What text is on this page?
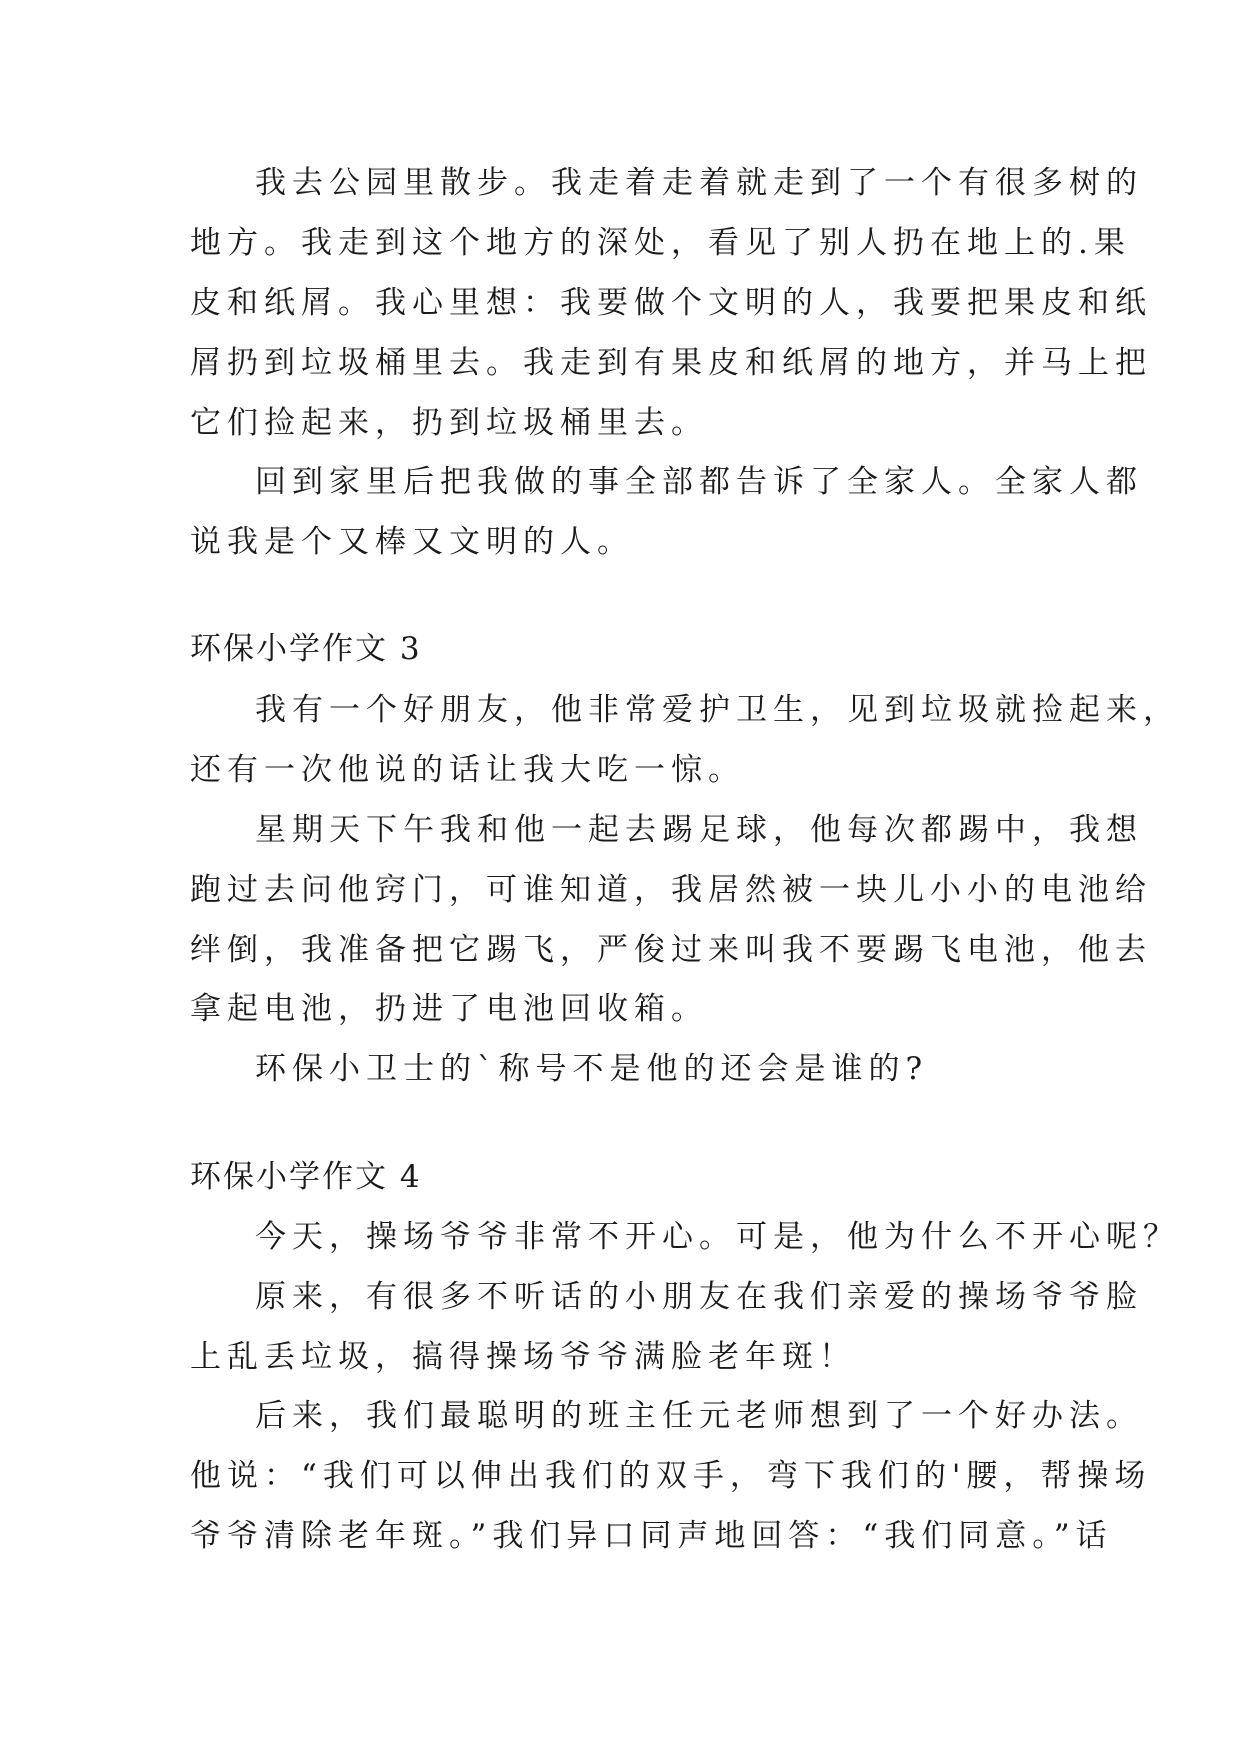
我去公园里散步。我走着走着就走到了一个有很多树的
地方。我走到这个地方的深处，看见了别人扔在地上的.果
皮和纸屑。我心里想：我要做个文明的人，我要把果皮和纸
屑扔到垃圾桶里去。我走到有果皮和纸屑的地方，并马上把
它们捡起来，扔到垃圾桶里去。
回到家里后把我做的事全部都告诉了全家人。全家人都
说我是个又棒又文明的人。
环保小学作文 3
我有一个好朋友，他非常爱护卫生，见到垃圾就捡起来，
还有一次他说的话让我大吃一惊。
星期天下午我和他一起去踢足球，他每次都踢中，我想
跑过去问他窍门，可谁知道，我居然被一块儿小小的电池给
绊倒，我准备把它踢飞，严俊过来叫我不要踢飞电池，他去
拿起电池，扔进了电池回收箱。
环保小卫士的`称号不是他的还会是谁的?
环保小学作文 4
今天，操场爷爷非常不开心。可是，他为什么不开心呢？
原来，有很多不听话的小朋友在我们亲爱的操场爷爷脸
上乱丢垃圾，搞得操场爷爷满脸老年斑！
后来，我们最聪明的班主任元老师想到了一个好办法。
他说：“我们可以伸出我们的双手，弯下我们的'腰，帮操场
爷爷清除老年斑。”我们异口同声地回答：“我们同意。”话
